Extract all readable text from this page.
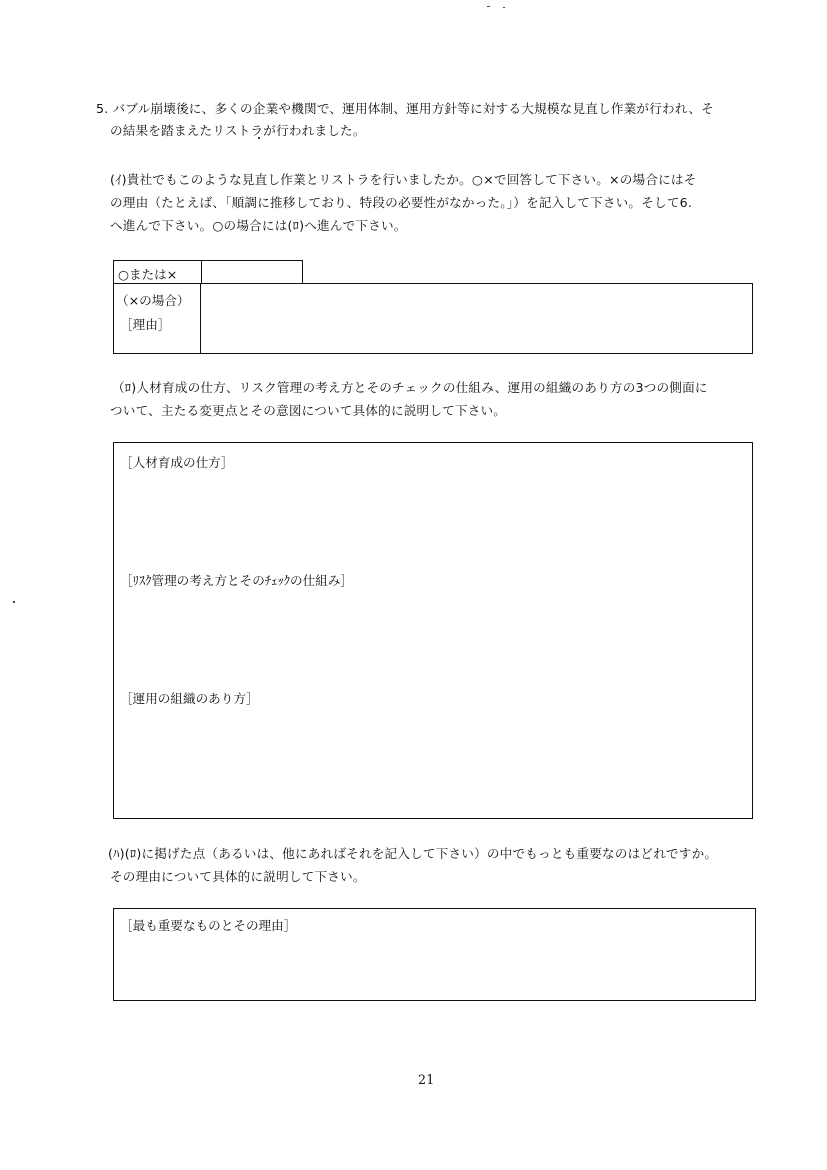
5. バブル崩壊後に、多くの企業や機関で、運用体制、運用方針等に対する大規模な見直し作業が行われ、そ
の結果を踏まえたリストラが行われました。
(ｲ)貴社でもこのような見直し作業とリストラを行いましたか。○×で回答して下さい。×の場合にはそ
の理由（たとえば、「順調に推移しており、特段の必要性がなかった。」）を記入して下さい。そして6.
へ進んで下さい。○の場合には(ﾛ)へ進んで下さい。
○または×
（×の場合）
［理由］
（ﾛ)人材育成の仕方、リスク管理の考え方とそのチェックの仕組み、運用の組織のあり方の3つの側面に
ついて、主たる変更点とその意図について具体的に説明して下さい。
［人材育成の仕方］
［ﾘｽｸ管理の考え方とそのﾁｪｯｸの仕組み］
［運用の組織のあり方］
(ﾊ)(ﾛ)に掲げた点（あるいは、他にあればそれを記入して下さい）の中でもっとも重要なのはどれですか。
その理由について具体的に説明して下さい。
［最も重要なものとその理由］
21
